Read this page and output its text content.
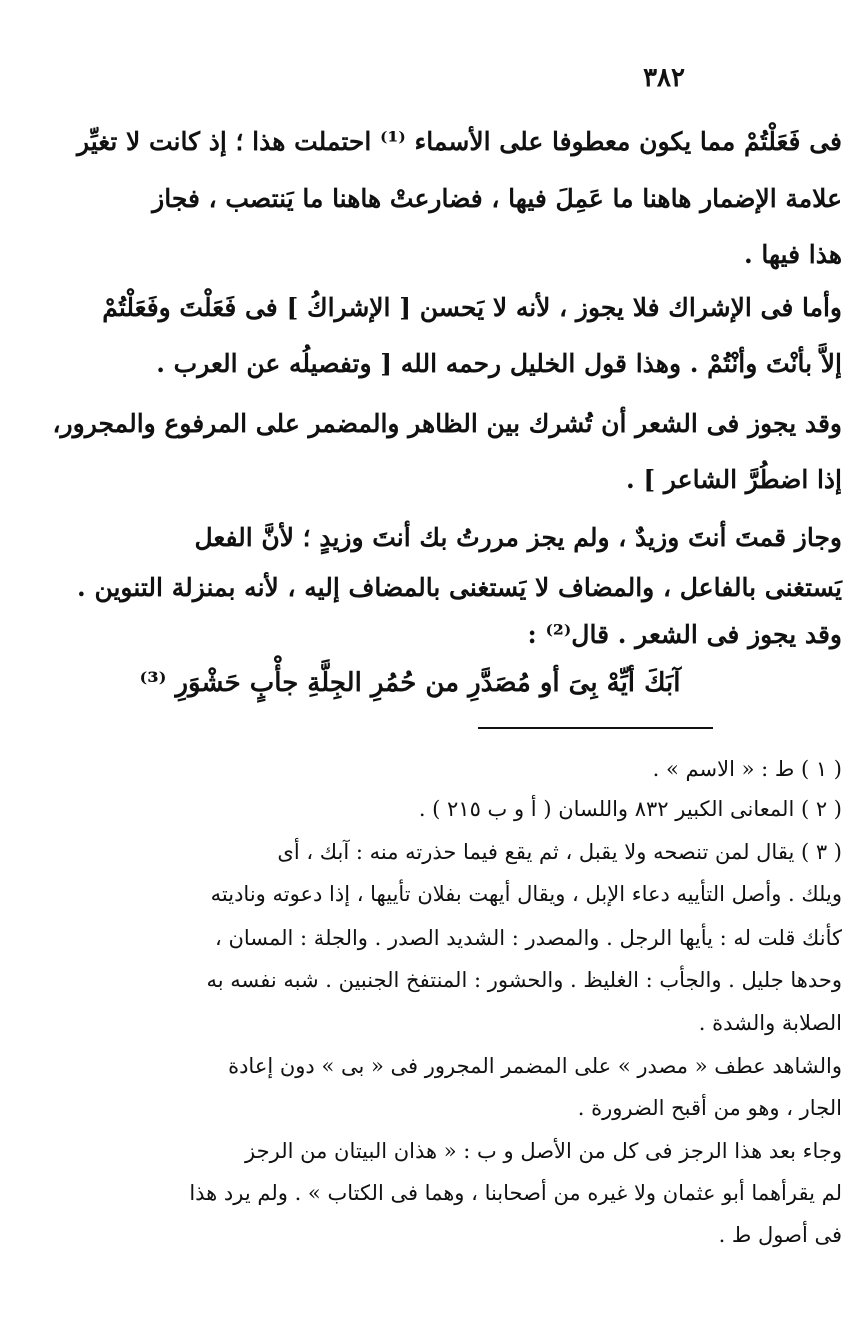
٣٨٢
فى فَعَلْتُمْ مما يكون معطوفا على الأسماء ⁽¹⁾ احتملت هذا ؛ إذ كانت لا تغيِّر
علامة الإضمار هاهنا ما عَمِلَ فيها ، فضارعتْ هاهنا ما يَنتصب ، فجاز
هذا فيها .
وأما فى الإشراك فلا يجوز ، لأنه لا يَحسن [ الإشراكُ ] فى فَعَلْتَ وفَعَلْتُمْ
إلاَّ بأنْتَ وأنْتُمْ . وهذا قول الخليل رحمه الله [ وتفصيلُه عن العرب .
وقد يجوز فى الشعر أن تُشرك بين الظاهر والمضمر على المرفوع والمجرور،
إذا اضطُرَّ الشاعر ] .
وجاز قمتَ أنتَ وزيدٌ ، ولم يجز مررتُ بك أنتَ وزيدٍ ؛ لأنَّ الفعل
يَستغنى بالفاعل ، والمضاف لا يَستغنى بالمضاف إليه ، لأنه بمنزلة التنوين .
وقد يجوز فى الشعر . قال⁽²⁾ :
آبَكَ أيِّهْ بِىَ أو مُصَدَّرِ من حُمُرِ الجِلَّةِ جأْبٍ حَشْوَرِ ⁽³⁾
( ١ ) ط : « الاسم » .
( ٢ ) المعانى الكبير ٨٣٢ واللسان ( أ و ب ٢١٥ ) .
( ٣ ) يقال لمن تنصحه ولا يقبل ، ثم يقع فيما حذرته منه : آبك ، أى
ويلك . وأصل التأييه دعاء الإبل ، ويقال أيهت بفلان تأييها ، إذا دعوته وناديته
كأنك قلت له : يأيها الرجل . والمصدر : الشديد الصدر . والجلة : المسان ،
وحدها جليل . والجأب : الغليظ . والحشور : المنتفخ الجنبين . شبه نفسه به
الصلابة والشدة .
والشاهد عطف « مصدر » على المضمر المجرور فى « بى » دون إعادة
الجار ، وهو من أقبح الضرورة .
وجاء بعد هذا الرجز فى كل من الأصل و ب : « هذان البيتان من الرجز
لم يقرأهما أبو عثمان ولا غيره من أصحابنا ، وهما فى الكتاب » . ولم يرد هذا
فى أصول ط .
